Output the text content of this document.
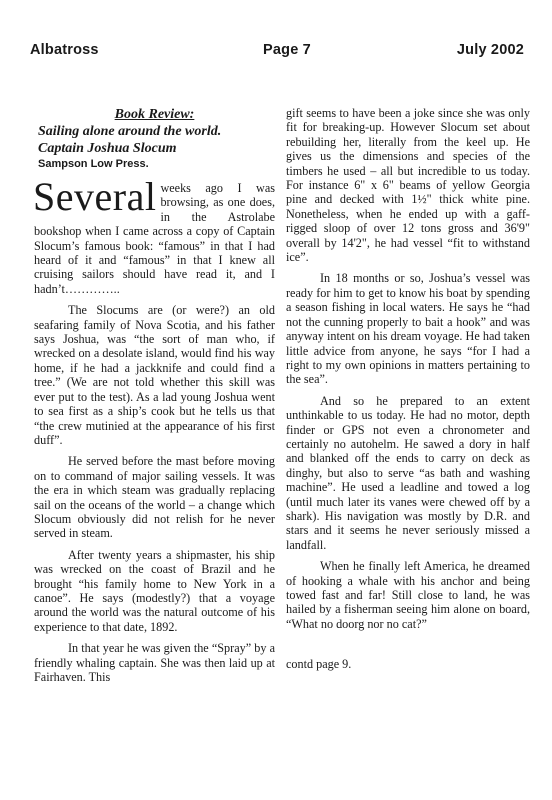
Albatross	Page 7	July 2002
Book Review:
Sailing alone around the world.
Captain Joshua Slocum
Sampson Low Press.

Several weeks ago I was browsing, as one does, in the Astrolabe bookshop when I came across a copy of Captain Slocum’s famous book: “famous” in that I had heard of it and “famous” in that I knew all cruising sailors should have read it, and I hadn’t…………..

The Slocums are (or were?) an old seafaring family of Nova Scotia, and his father says Joshua, was “the sort of man who, if wrecked on a desolate island, would find his way home, if he had a jackknife and could find a tree.” (We are not told whether this skill was ever put to the test). As a lad young Joshua went to sea first as a ship’s cook but he tells us that “the crew mutinied at the appearance of his first duff”.

He served before the mast before moving on to command of major sailing vessels. It was the era in which steam was gradually replacing sail on the oceans of the world – a change which Slocum obviously did not relish for he never served in steam.

After twenty years a shipmaster, his ship was wrecked on the coast of Brazil and he brought “his family home to New York in a canoe”. He says (modestly?) that a voyage around the world was the natural outcome of his experience to that date, 1892.

In that year he was given the “Spray” by a friendly whaling captain. She was then laid up at Fairhaven. This

gift seems to have been a joke since she was only fit for breaking-up. However Slocum set about rebuilding her, literally from the keel up. He gives us the dimensions and species of the timbers he used – all but incredible to us today. For instance 6" x 6" beams of yellow Georgia pine and decked with 1½" thick white pine. Nonetheless, when he ended up with a gaff-rigged sloop of over 12 tons gross and 36'9" overall by 14'2", he had vessel “fit to withstand ice”.

In 18 months or so, Joshua’s vessel was ready for him to get to know his boat by spending a season fishing in local waters. He says he “had not the cunning properly to bait a hook” and was anyway intent on his dream voyage. He had taken little advice from anyone, he says “for I had a right to my own opinions in matters pertaining to the sea”.

And so he prepared to an extent unthinkable to us today. He had no motor, depth finder or GPS not even a chronometer and certainly no autohelm. He sawed a dory in half and blanked off the ends to carry on deck as dinghy, but also to serve “as bath and washing machine”. He used a leadline and towed a log (until much later its vanes were chewed off by a shark). His navigation was mostly by D.R. and stars and it seems he never seriously missed a landfall.

When he finally left America, he dreamed of hooking a whale with his anchor and being towed fast and far! Still close to land, he was hailed by a fisherman seeing him alone on board, “What no doorg nor no cat?”

contd page 9.
